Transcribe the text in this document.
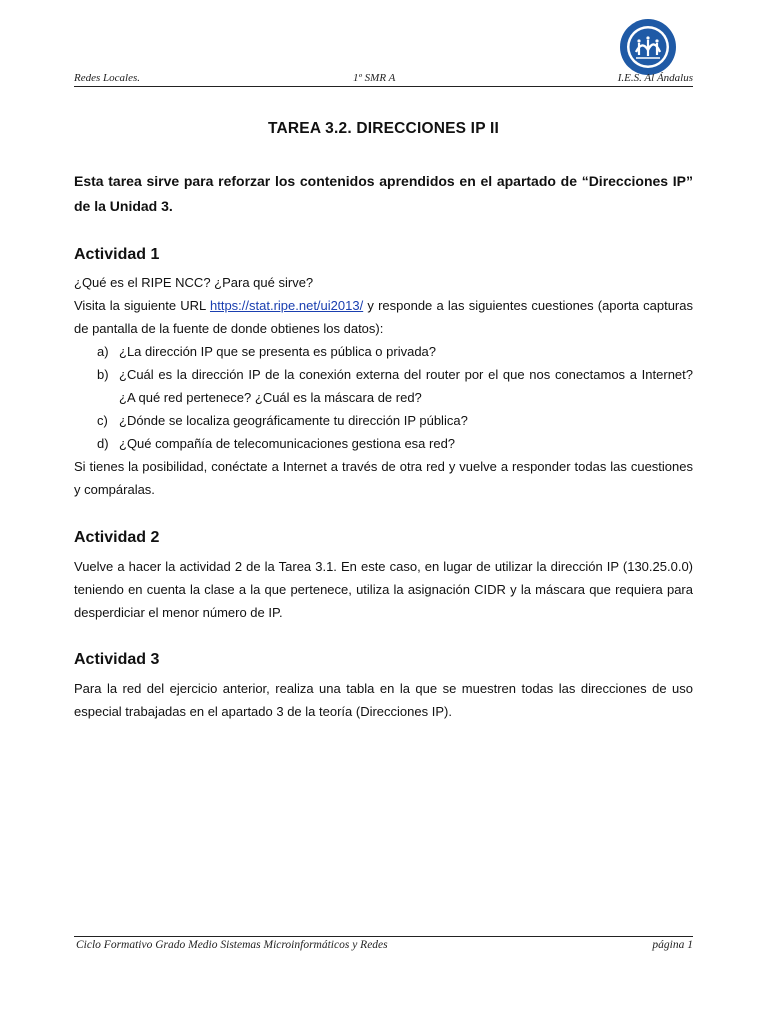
Redes Locales.	1º SMR A	I.E.S. Al Ándalus
TAREA 3.2. DIRECCIONES IP II
Esta tarea sirve para reforzar los contenidos aprendidos en el apartado de “Direcciones IP” de la Unidad 3.
Actividad 1

¿Qué es el RIPE NCC? ¿Para qué sirve?

Visita la siguiente URL https://stat.ripe.net/ui2013/ y responde a las siguientes cuestiones (aporta capturas de pantalla de la fuente de donde obtienes los datos):

a) ¿La dirección IP que se presenta es pública o privada?
b) ¿Cuál es la dirección IP de la conexión externa del router por el que nos conectamos a Internet? ¿A qué red pertenece? ¿Cuál es la máscara de red?
c) ¿Dónde se localiza geográficamente tu dirección IP pública?
d) ¿Qué compañía de telecomunicaciones gestiona esa red?

Si tienes la posibilidad, conéctate a Internet a través de otra red y vuelve a responder todas las cuestiones y compáralas.

Actividad 2
Vuelve a hacer la actividad 2 de la Tarea 3.1. En este caso, en lugar de utilizar la dirección IP (130.25.0.0) teniendo en cuenta la clase a la que pertenece, utiliza la asignación CIDR y la máscara que requiera para desperdiciar el menor número de IP.
Actividad 3
Para la red del ejercicio anterior, realiza una tabla en la que se muestren todas las direcciones de uso especial trabajadas en el apartado 3 de la teoría (Direcciones IP).
Ciclo Formativo Grado Medio Sistemas Microinformáticos y Redes	página 1
